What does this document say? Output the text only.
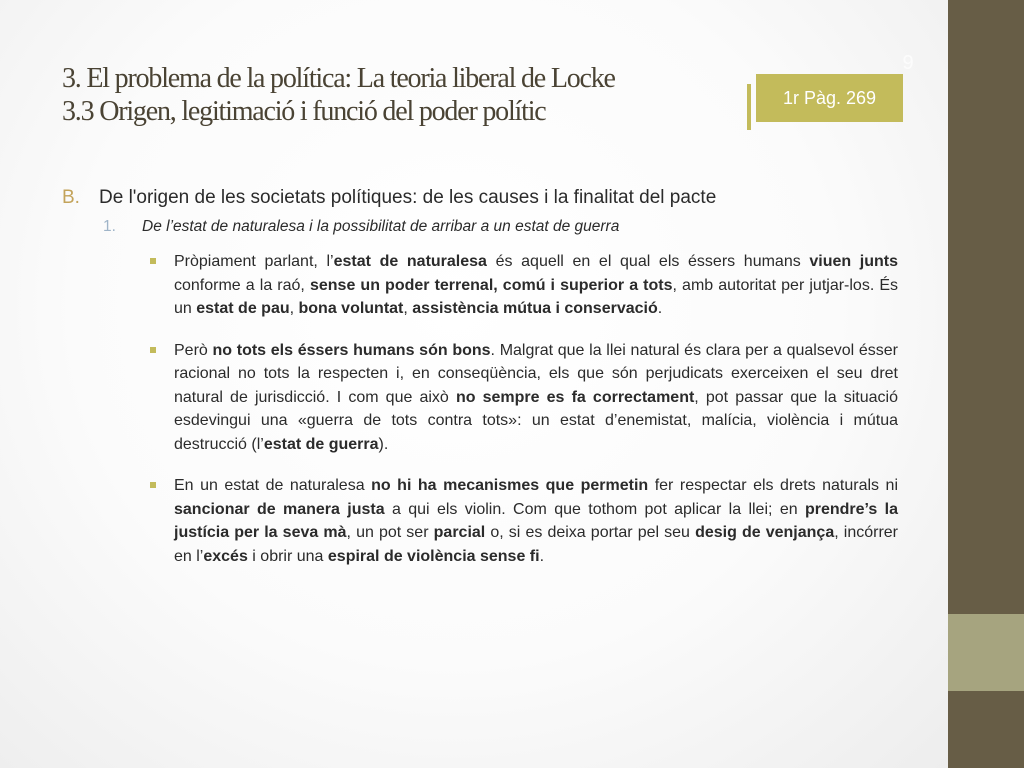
9
3. El problema de la política: La teoria liberal de Locke
3.3 Origen, legitimació i funció del poder polític	1r Pàg. 269
B. De l'origen de les societats polítiques: de les causes i la finalitat del pacte
1. De l’estat de naturalesa i la possibilitat de arribar a un estat de guerra
Pròpiament parlant, l’estat de naturalesa és aquell en el qual els éssers humans viuen junts conforme a la raó, sense un poder terrenal, comú i superior a tots, amb autoritat per jutjar-los. És un estat de pau, bona voluntat, assistència mútua i conservació.
Però no tots els éssers humans són bons. Malgrat que la llei natural és clara per a qualsevol ésser racional no tots la respecten i, en conseqüència, els que són perjudicats exerceixen el seu dret natural de jurisdicció. I com que això no sempre es fa correctament, pot passar que la situació esdevingui una «guerra de tots contra tots»: un estat d’enemistat, malícia, violència i mútua destrucció (l’estat de guerra).
En un estat de naturalesa no hi ha mecanismes que permetin fer respectar els drets naturals ni sancionar de manera justa a qui els violin. Com que tothom pot aplicar la llei; en prendre’s la justícia per la seva mà, un pot ser parcial o, si es deixa portar pel seu desig de venjança, incórrer en l’excés i obrir una espiral de violència sense fi.
